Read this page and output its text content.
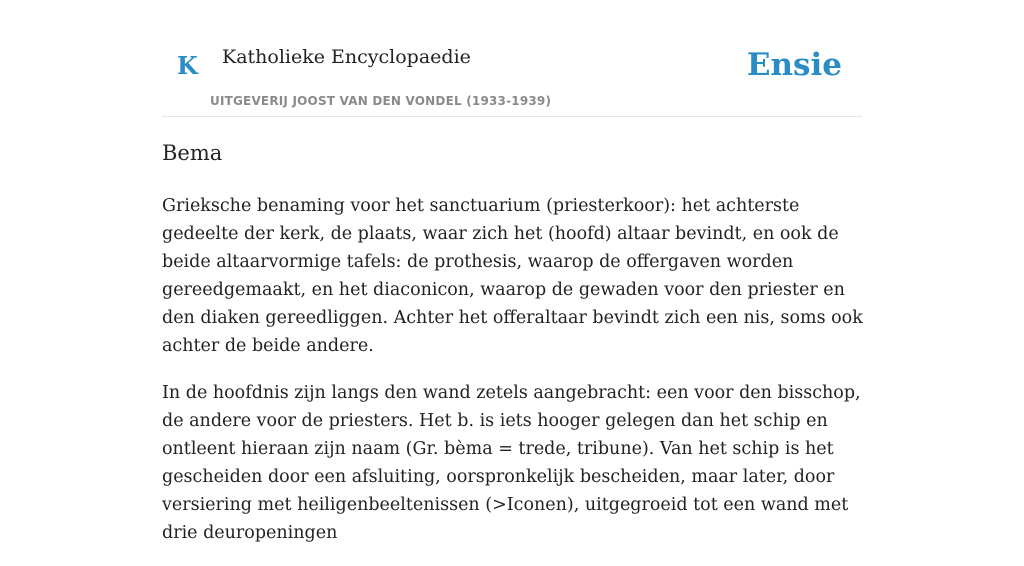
K Katholieke Encyclopaedie
UITGEVERIJ JOOST VAN DEN VONDEL (1933-1939)
Ensie
Bema

Grieksche benaming voor het sanctuarium (priesterkoor): het achterste gedeelte der kerk, de plaats, waar zich het (hoofd) altaar bevindt, en ook de beide altaarvormige tafels: de prothesis, waarop de offergaven worden gereedgemaakt, en het diaconicon, waarop de gewaden voor den priester en den diaken gereedliggen. Achter het offeraltaar bevindt zich een nis, soms ook achter de beide andere.

In de hoofdnis zijn langs den wand zetels aangebracht: een voor den bisschop, de andere voor de priesters. Het b. is iets hooger gelegen dan het schip en ontleent hieraan zijn naam (Gr. bèma = trede, tribune). Van het schip is het gescheiden door een afsluiting, oorspronkelijk bescheiden, maar later, door versiering met heiligenbeeltenissen (>Iconen), uitgegroeid tot een wand met drie deuropeningen
